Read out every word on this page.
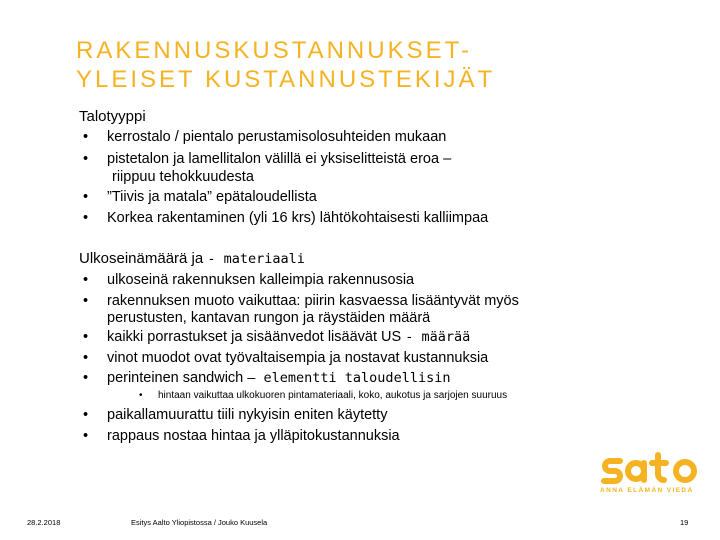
RAKENNUSKUSTANNUKSET-
YLEISET KUSTANNUSTEKIJÄT
Talotyyppi
• kerrostalo / pientalo perustamisolosuhteiden mukaan
• pistetalon ja lamellitalon välillä ei yksiselitteistä eroa –
riippuu tehokkuudesta
• ”Tiivis ja matala” epätaloudellista
• Korkea rakentaminen (yli 16 krs) lähtökohtaisesti kalliimpaa
Ulkoseinämäärä ja - materiaali
• ulkoseinä rakennuksen kalleimpia rakennusosia
• rakennuksen muoto vaikuttaa: piirin kasvaessa lisääntyvät myös
perustusten, kantavan rungon ja räystäiden määrä
• kaikki porrastukset ja sisäänvedot lisäävät US - määrää
• vinot muodot ovat työvaltaisempia ja nostavat kustannuksia
• perinteinen sandwich – elementti taloudellisin
• hintaan vaikuttaa ulkokuoren pintamateriaali, koko, aukotus ja sarjojen suuruus
• paikallamuurattu tiili nykyisin eniten käytetty
• rappaus nostaa hintaa ja ylläpitokustannuksia
ANNA ELÄMÄN VIEDÄ
28.2.2018	Esitys Aalto Yliopistossa / Jouko Kuusela	19
